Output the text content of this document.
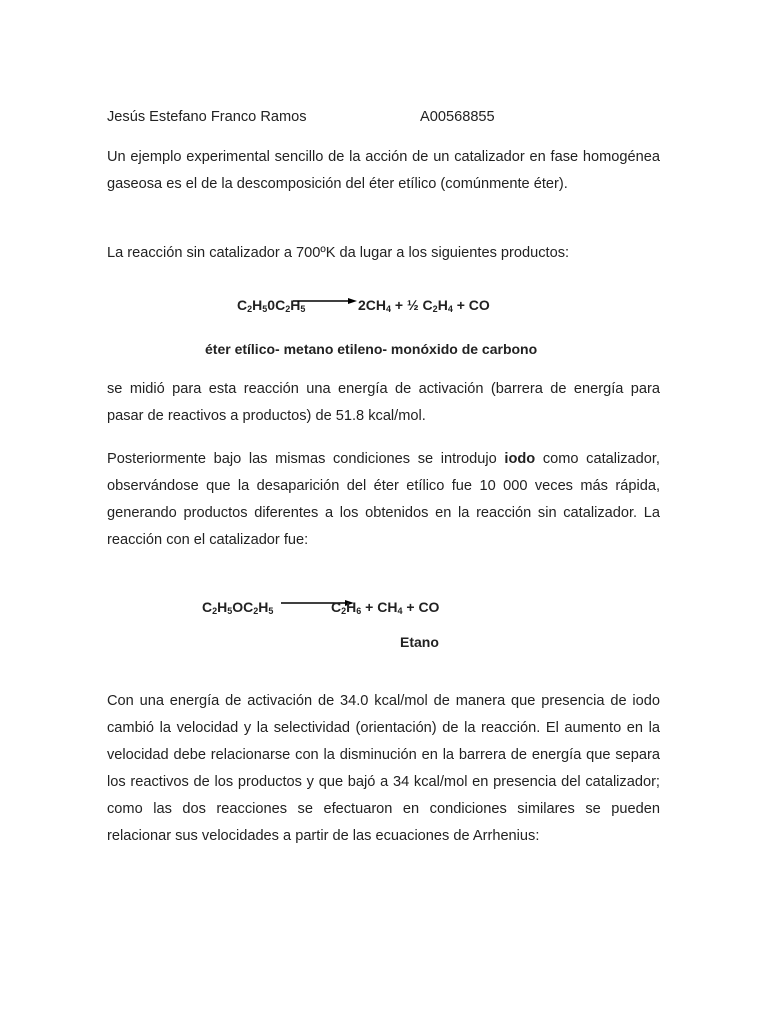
Jesús Estefano Franco Ramos	A00568855

Un ejemplo experimental sencillo de la acción de un catalizador en fase homogénea gaseosa es el de la descomposición del éter etílico (comúnmente éter).

La reacción sin catalizador a 700ºK da lugar a los siguientes productos:

$C_2H_50C_2H_5$	$2CH_4$ + ½ $C_2H_4$ + CO
éter etílico- metano etileno- monóxido de carbono

se midió para esta reacción una energía de activación (barrera de energía para pasar de reactivos a productos) de 51.8 kcal/mol.

Posteriormente bajo las mismas condiciones se introdujo iodo como catalizador, observándose que la desaparición del éter etílico fue 10 000 veces más rápida, generando productos diferentes a los obtenidos en la reacción sin catalizador. La reacción con el catalizador fue:

$C_2H_5OC_2H_5$	$C_2H_6 + CH_4$ + CO
Etano

Con una energía de activación de 34.0 kcal/mol de manera que presencia de iodo cambió la velocidad y la selectividad (orientación) de la reacción. El aumento en la velocidad debe relacionarse con la disminución en la barrera de energía que separa los reactivos de los productos y que bajó a 34 kcal/mol en presencia del catalizador; como las dos reacciones se efectuaron en condiciones similares se pueden relacionar sus velocidades a partir de las ecuaciones de Arrhenius:
